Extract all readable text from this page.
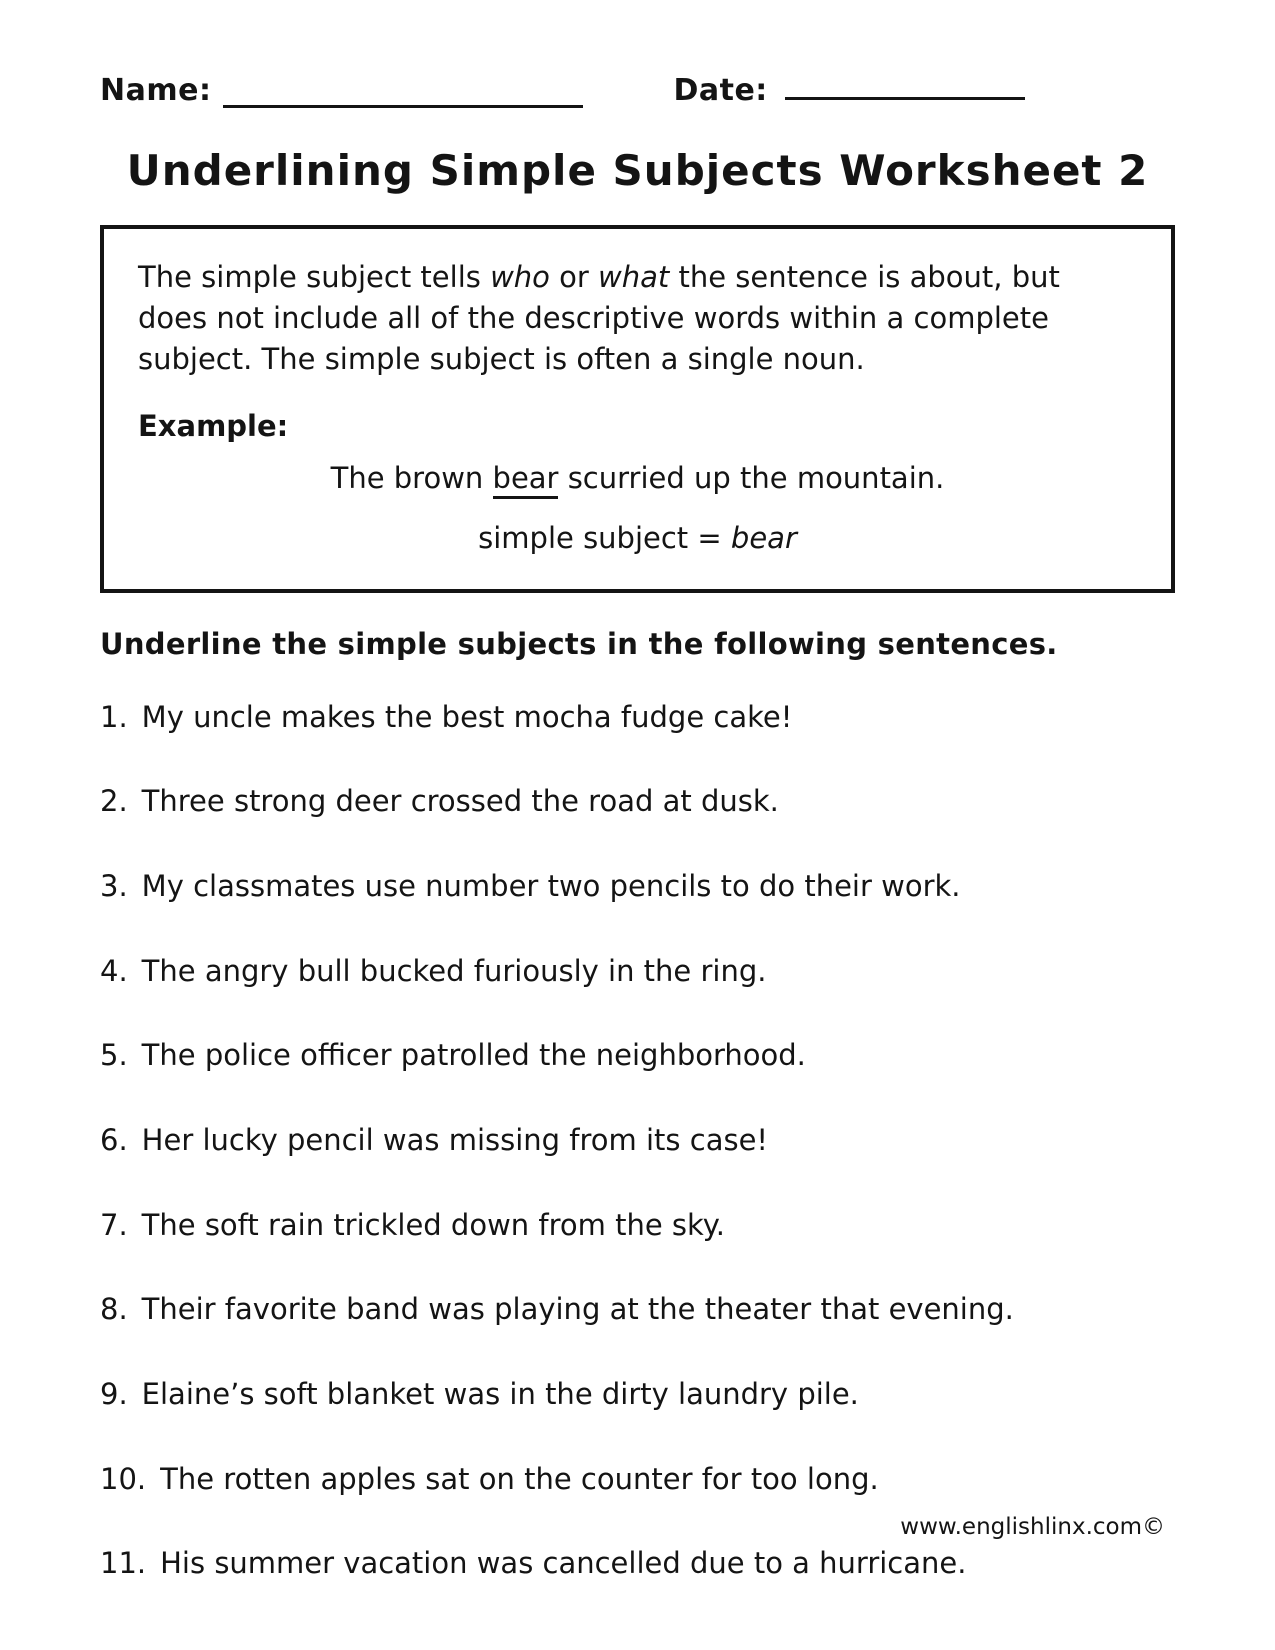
Name:	Date:
Underlining Simple Subjects Worksheet 2

The simple subject tells who or what the sentence is about, but does not include all of the descriptive words within a complete subject. The simple subject is often a single noun.

Example:

The brown bear scurried up the mountain.

simple subject = bear

Underline the simple subjects in the following sentences.

1. My uncle makes the best mocha fudge cake!
2. Three strong deer crossed the road at dusk.
3. My classmates use number two pencils to do their work.
4. The angry bull bucked furiously in the ring.
5. The police officer patrolled the neighborhood.
6. Her lucky pencil was missing from its case!
7. The soft rain trickled down from the sky.
8. Their favorite band was playing at the theater that evening.
9. Elaine’s soft blanket was in the dirty laundry pile.
10. The rotten apples sat on the counter for too long.
11. His summer vacation was cancelled due to a hurricane.
www.englishlinx.com©
